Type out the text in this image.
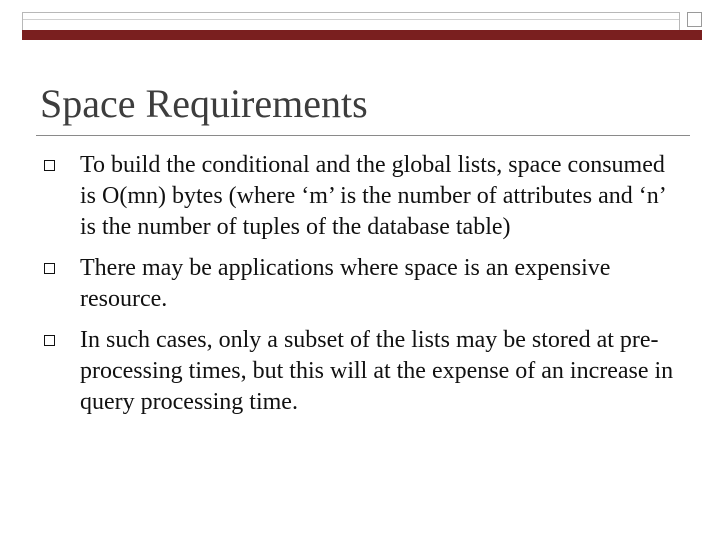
Space Requirements
To build the conditional and the global lists, space consumed is O(mn) bytes (where ‘m’ is the number of attributes and ‘n’ is the number of tuples of the database table)
There may be applications where space is an expensive resource.
In such cases, only a subset of the lists may be stored at pre-processing times, but this will at the expense of an increase in query processing time.
